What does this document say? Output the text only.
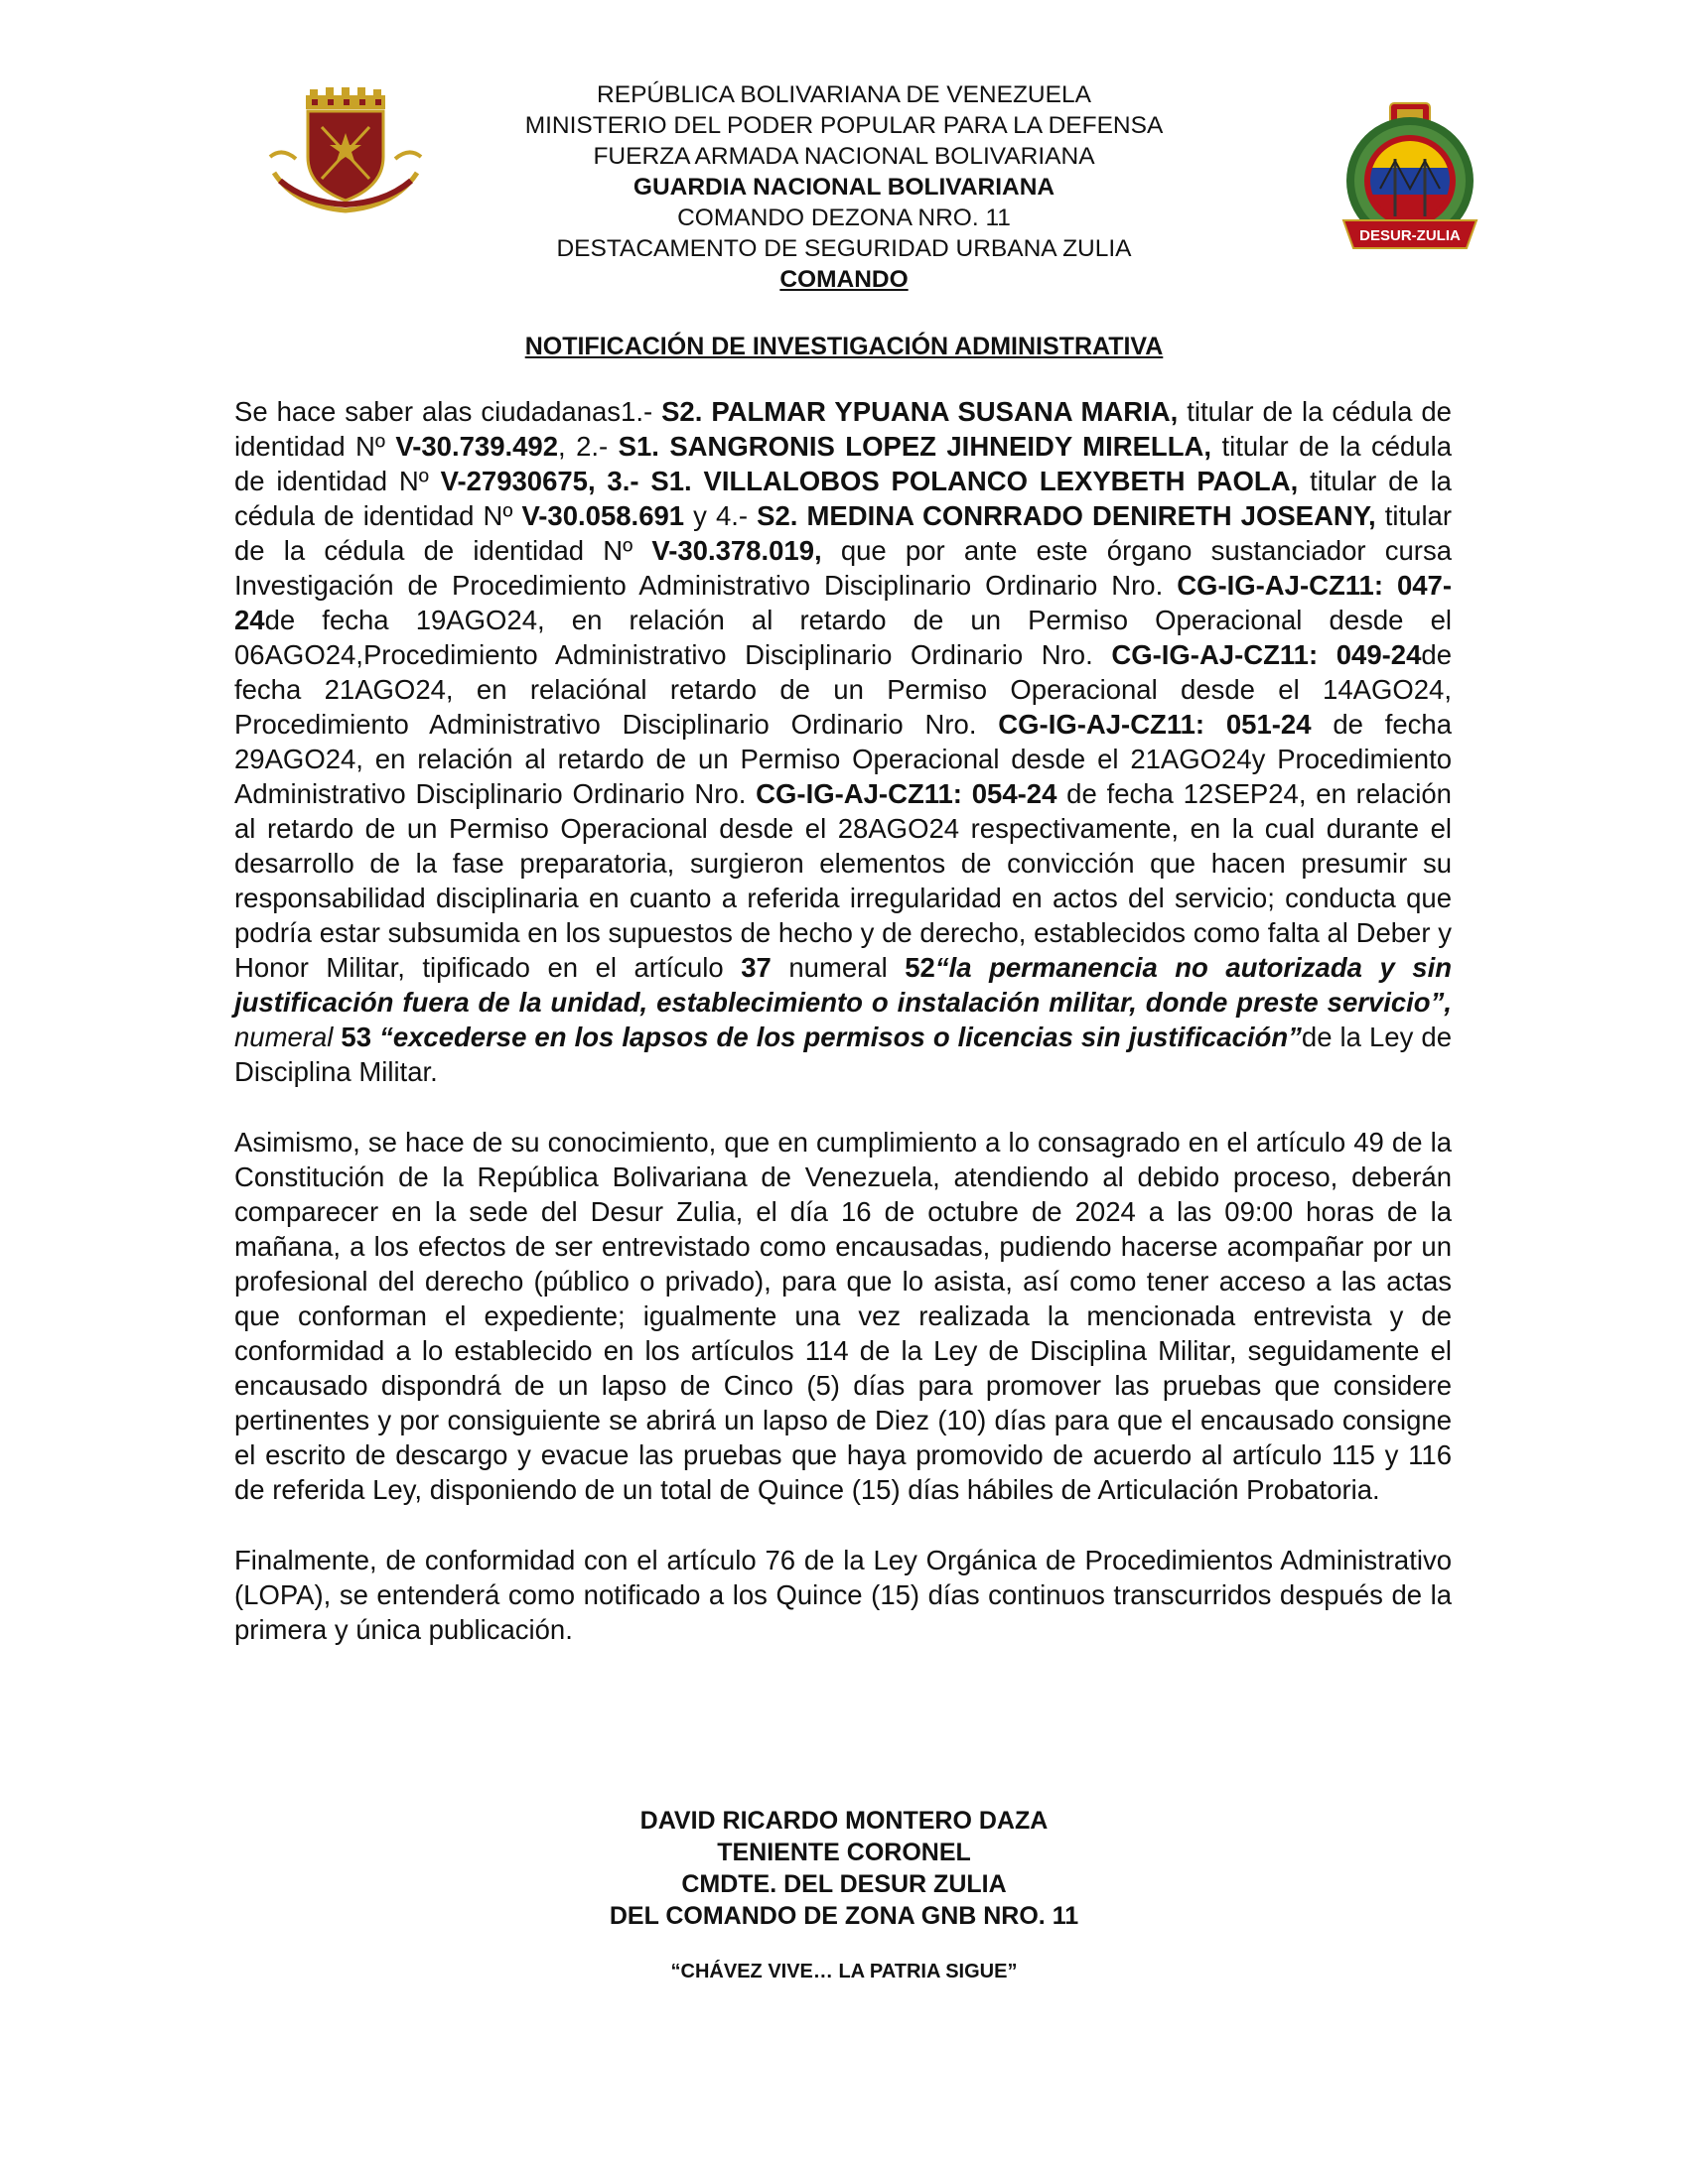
DESUR-ZULIA
REPÚBLICA BOLIVARIANA DE VENEZUELA
MINISTERIO DEL PODER POPULAR PARA LA DEFENSA
FUERZA ARMADA NACIONAL BOLIVARIANA
GUARDIA NACIONAL BOLIVARIANA
COMANDO DEZONA NRO. 11
DESTACAMENTO DE SEGURIDAD URBANA ZULIA
COMANDO
NOTIFICACIÓN DE INVESTIGACIÓN ADMINISTRATIVA

Se hace saber alas ciudadanas1.- S2. PALMAR YPUANA SUSANA MARIA, titular de la cédula de identidad Nº V-30.739.492, 2.- S1. SANGRONIS LOPEZ JIHNEIDY MIRELLA, titular de la cédula de identidad Nº V-27930675, 3.- S1. VILLALOBOS POLANCO LEXYBETH PAOLA, titular de la cédula de identidad Nº V-30.058.691 y 4.- S2. MEDINA CONRRADO DENIRETH JOSEANY, titular de la cédula de identidad Nº V-30.378.019, que por ante este órgano sustanciador cursa Investigación de Procedimiento Administrativo Disciplinario Ordinario Nro. CG-IG-AJ-CZ11: 047-24de fecha 19AGO24, en relación al retardo de un Permiso Operacional desde el 06AGO24,Procedimiento Administrativo Disciplinario Ordinario Nro. CG-IG-AJ-CZ11: 049-24de fecha 21AGO24, en relaciónal retardo de un Permiso Operacional desde el 14AGO24, Procedimiento Administrativo Disciplinario Ordinario Nro. CG-IG-AJ-CZ11: 051-24 de fecha 29AGO24, en relación al retardo de un Permiso Operacional desde el 21AGO24y Procedimiento Administrativo Disciplinario Ordinario Nro. CG-IG-AJ-CZ11: 054-24 de fecha 12SEP24, en relación al retardo de un Permiso Operacional desde el 28AGO24 respectivamente, en la cual durante el desarrollo de la fase preparatoria, surgieron elementos de convicción que hacen presumir su responsabilidad disciplinaria en cuanto a referida irregularidad en actos del servicio; conducta que podría estar subsumida en los supuestos de hecho y de derecho, establecidos como falta al Deber y Honor Militar, tipificado en el artículo 37 numeral 52“la permanencia no autorizada y sin justificación fuera de la unidad, establecimiento o instalación militar, donde preste servicio”, numeral 53 “excederse en los lapsos de los permisos o licencias sin justificación”de la Ley de Disciplina Militar.

Asimismo, se hace de su conocimiento, que en cumplimiento a lo consagrado en el artículo 49 de la Constitución de la República Bolivariana de Venezuela, atendiendo al debido proceso, deberán comparecer en la sede del Desur Zulia, el día 16 de octubre de 2024 a las 09:00 horas de la mañana, a los efectos de ser entrevistado como encausadas, pudiendo hacerse acompañar por un profesional del derecho (público o privado), para que lo asista, así como tener acceso a las actas que conforman el expediente; igualmente una vez realizada la mencionada entrevista y de conformidad a lo establecido en los artículos 114 de la Ley de Disciplina Militar, seguidamente el encausado dispondrá de un lapso de Cinco (5) días para promover las pruebas que considere pertinentes y por consiguiente se abrirá un lapso de Diez (10) días para que el encausado consigne el escrito de descargo y evacue las pruebas que haya promovido de acuerdo al artículo 115 y 116 de referida Ley, disponiendo de un total de Quince (15) días hábiles de Articulación Probatoria.

Finalmente, de conformidad con el artículo 76 de la Ley Orgánica de Procedimientos Administrativo (LOPA), se entenderá como notificado a los Quince (15) días continuos transcurridos después de la primera y única publicación.

DAVID RICARDO MONTERO DAZA
TENIENTE CORONEL
CMDTE. DEL DESUR ZULIA
DEL COMANDO DE ZONA GNB NRO. 11
“CHÁVEZ VIVE… LA PATRIA SIGUE”
